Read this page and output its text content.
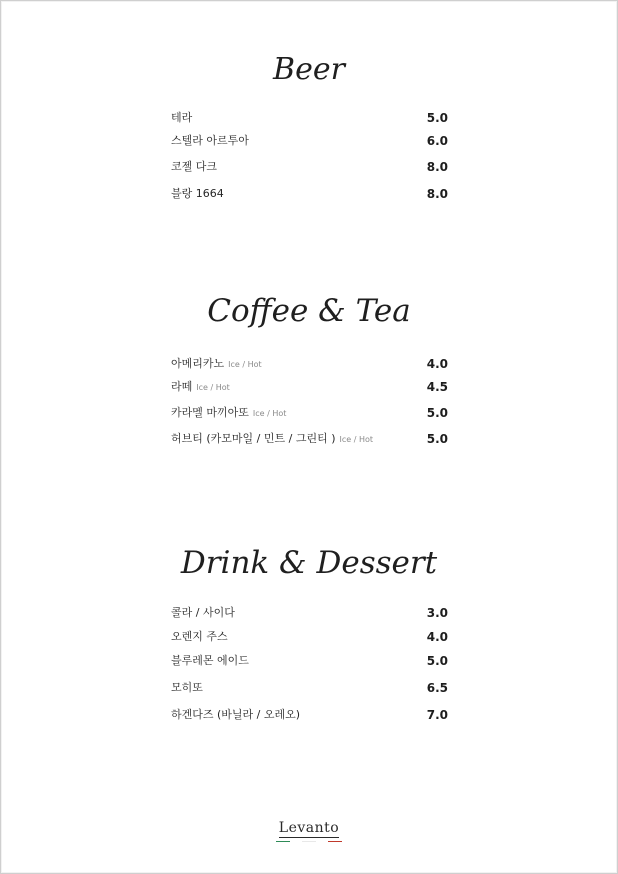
Beer
테라	5.0
스텔라 아르투아	6.0
코젤 다크	8.0
블랑 1664	8.0
Coffee & Tea
아메리카노 Ice / Hot	4.0
라떼 Ice / Hot	4.5
카라멜 마끼아또 Ice / Hot	5.0
허브티 (카모마일 / 민트 / 그린티 ) Ice / Hot	5.0
Drink & Dessert
콜라 / 사이다	3.0
오렌지 주스	4.0
블루레몬 에이드	5.0
모히또	6.5
하겐다즈 (바닐라 / 오레오)	7.0
Levanto
